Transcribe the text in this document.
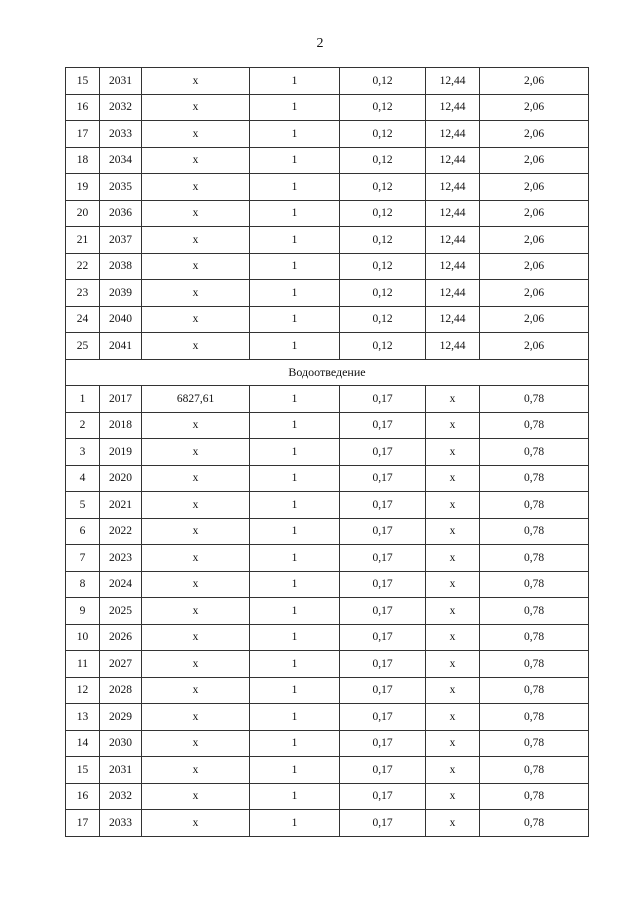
2
15	2031	x	1	0,12	12,44	2,06
16	2032	x	1	0,12	12,44	2,06
17	2033	x	1	0,12	12,44	2,06
18	2034	x	1	0,12	12,44	2,06
19	2035	x	1	0,12	12,44	2,06
20	2036	x	1	0,12	12,44	2,06
21	2037	x	1	0,12	12,44	2,06
22	2038	x	1	0,12	12,44	2,06
23	2039	x	1	0,12	12,44	2,06
24	2040	x	1	0,12	12,44	2,06
25	2041	x	1	0,12	12,44	2,06
Водоотведение						
1	2017	6827,61	1	0,17	x	0,78
2	2018	x	1	0,17	x	0,78
3	2019	x	1	0,17	x	0,78
4	2020	x	1	0,17	x	0,78
5	2021	x	1	0,17	x	0,78
6	2022	x	1	0,17	x	0,78
7	2023	x	1	0,17	x	0,78
8	2024	x	1	0,17	x	0,78
9	2025	x	1	0,17	x	0,78
10	2026	x	1	0,17	x	0,78
11	2027	x	1	0,17	x	0,78
12	2028	x	1	0,17	x	0,78
13	2029	x	1	0,17	x	0,78
14	2030	x	1	0,17	x	0,78
15	2031	x	1	0,17	x	0,78
16	2032	x	1	0,17	x	0,78
17	2033	x	1	0,17	x	0,78
